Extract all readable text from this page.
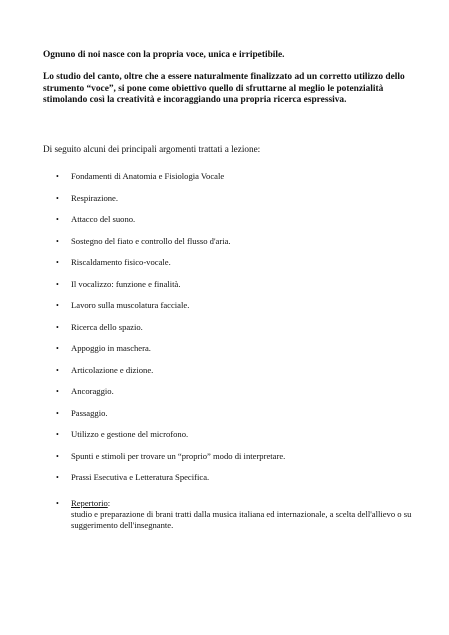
Ognuno di noi nasce con la propria voce, unica e irripetibile.

Lo studio del canto, oltre che a essere naturalmente finalizzato ad un corretto utilizzo dello strumento “voce”, si pone come obiettivo quello di sfruttarne al meglio le potenzialità stimolando così la creatività e incoraggiando una propria ricerca espressiva.

Di seguito alcuni dei principali argomenti trattati a lezione:

• Fondamenti di Anatomia e Fisiologia Vocale
• Respirazione.
• Attacco del suono.
• Sostegno del fiato e controllo del flusso d'aria.
• Riscaldamento fisico-vocale.
• Il vocalizzo: funzione e finalità.
• Lavoro sulla muscolatura facciale.
• Ricerca dello spazio.
• Appoggio in maschera.
• Articolazione e dizione.
• Ancoraggio.
• Passaggio.
• Utilizzo e gestione del microfono.
• Spunti e stimoli per trovare un “proprio” modo di interpretare.
• Prassi Esecutiva e Letteratura Specifica.
• Repertorio:

studio e preparazione di brani tratti dalla musica italiana ed internazionale, a scelta dell'allievo o su suggerimento dell'insegnante.
